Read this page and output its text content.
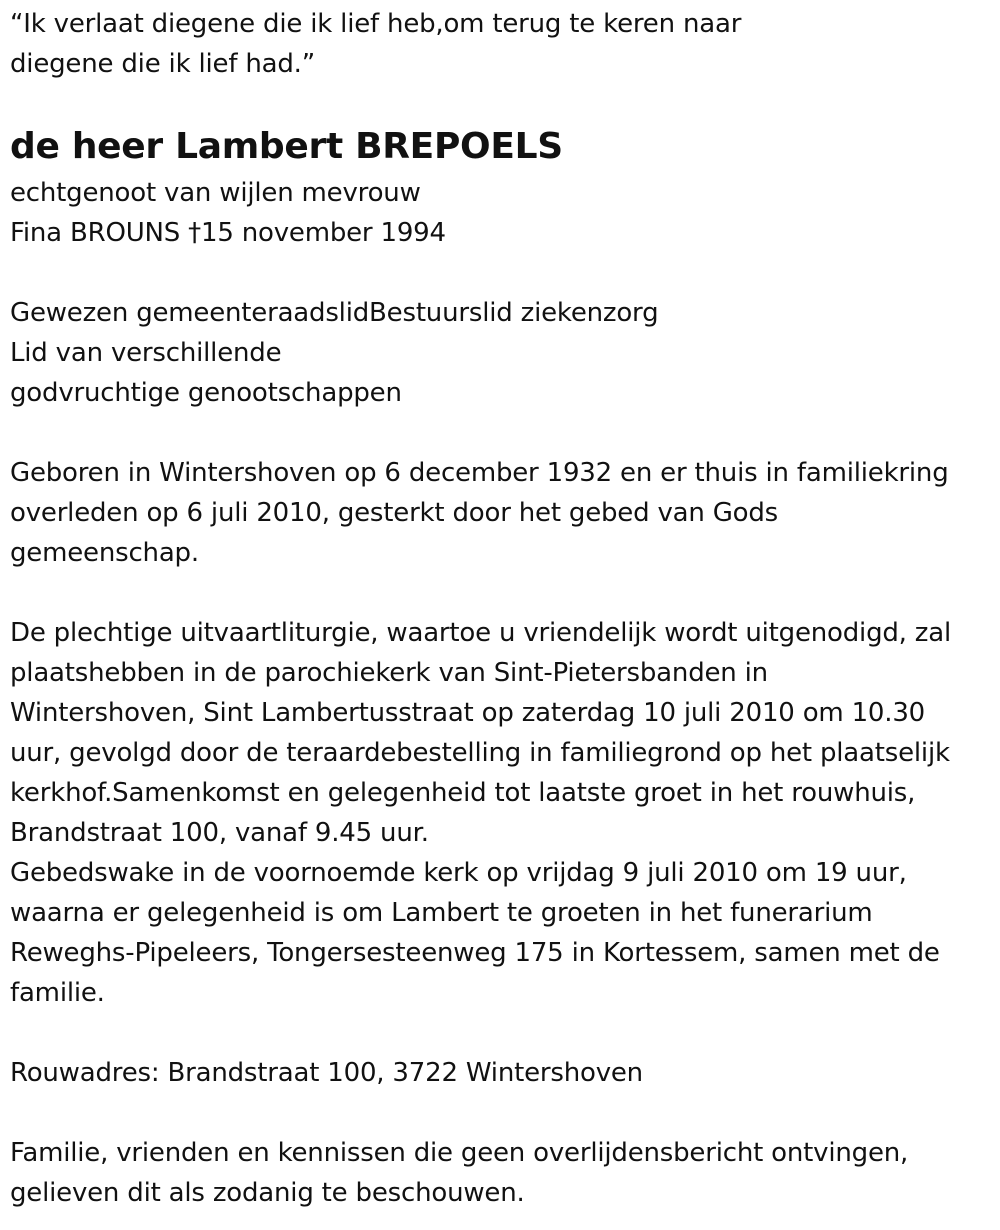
“Ik verlaat diegene die ik lief heb,om terug te keren naar
diegene die ik lief had.”
de heer Lambert BREPOELS
echtgenoot van wijlen mevrouw
Fina BROUNS †15 november 1994
Gewezen gemeenteraadslidBestuurslid ziekenzorg
Lid van verschillende
godvruchtige genootschappen
Geboren in Wintershoven op 6 december 1932 en er thuis in familiekring
overleden op 6 juli 2010, gesterkt door het gebed van Gods
gemeenschap.
De plechtige uitvaartliturgie, waartoe u vriendelijk wordt uitgenodigd, zal
plaatshebben in de parochiekerk van Sint-Pietersbanden in
Wintershoven, Sint Lambertusstraat op zaterdag 10 juli 2010 om 10.30
uur, gevolgd door de teraardebestelling in familiegrond op het plaatselijk
kerkhof.Samenkomst en gelegenheid tot laatste groet in het rouwhuis,
Brandstraat 100, vanaf 9.45 uur.
Gebedswake in de voornoemde kerk op vrijdag 9 juli 2010 om 19 uur,
waarna er gelegenheid is om Lambert te groeten in het funerarium
Reweghs-Pipeleers, Tongersesteenweg 175 in Kortessem, samen met de
familie.
Rouwadres: Brandstraat 100, 3722 Wintershoven
Familie, vrienden en kennissen die geen overlijdensbericht ontvingen,
gelieven dit als zodanig te beschouwen.
